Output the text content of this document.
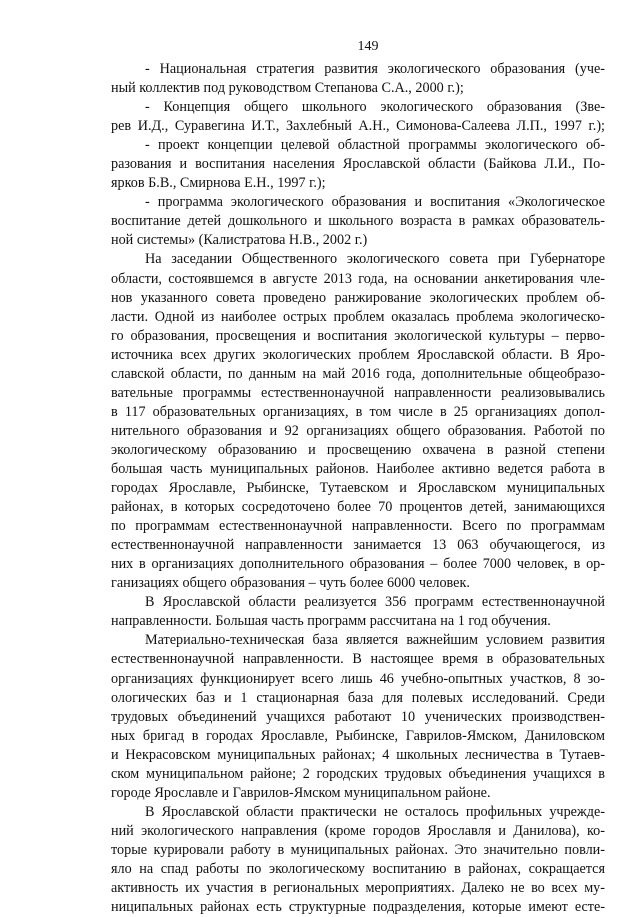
149
- Национальная стратегия развития экологического образования (уче-
ный коллектив под руководством Степанова С.А., 2000 г.);
- Концепция общего школьного экологического образования (Зве-
рев И.Д., Суравегина И.Т., Захлебный А.Н., Симонова-Салеева Л.П., 1997 г.);
- проект концепции целевой областной программы экологического об-
разования и воспитания населения Ярославской области (Байкова Л.И., По-
ярков Б.В., Смирнова Е.Н., 1997 г.);
- программа экологического образования и воспитания «Экологическое
воспитание детей дошкольного и школьного возраста в рамках образователь-
ной системы» (Калистратова Н.В., 2002 г.)
На заседании Общественного экологического совета при Губернаторе
области, состоявшемся в августе 2013 года, на основании анкетирования чле-
нов указанного совета проведено ранжирование экологических проблем об-
ласти. Одной из наиболее острых проблем оказалась проблема экологическо-
го образования, просвещения и воспитания экологической культуры – перво-
источника всех других экологических проблем Ярославской области. В Яро-
славской области, по данным на май 2016 года, дополнительные общеобразо-
вательные программы естественнонаучной направленности реализовывались
в 117 образовательных организациях, в том числе в 25 организациях допол-
нительного образования и 92 организациях общего образования. Работой по
экологическому образованию и просвещению охвачена в разной степени
большая часть муниципальных районов. Наиболее активно ведется работа в
городах Ярославле, Рыбинске, Тутаевском и Ярославском муниципальных
районах, в которых сосредоточено более 70 процентов детей, занимающихся
по программам естественнонаучной направленности. Всего по программам
естественнонаучной направленности занимается 13 063 обучающегося, из
них в организациях дополнительного образования – более 7000 человек, в ор-
ганизациях общего образования – чуть более 6000 человек.
В Ярославской области реализуется 356 программ естественнонаучной
направленности. Большая часть программ рассчитана на 1 год обучения.
Материально-техническая база является важнейшим условием развития
естественнонаучной направленности. В настоящее время в образовательных
организациях функционирует всего лишь 46 учебно-опытных участков, 8 зо-
ологических баз и 1 стационарная база для полевых исследований. Среди
трудовых объединений учащихся работают 10 ученических производствен-
ных бригад в городах Ярославле, Рыбинске, Гаврилов-Ямском, Даниловском
и Некрасовском муниципальных районах; 4 школьных лесничества в Тутаев-
ском муниципальном районе; 2 городских трудовых объединения учащихся в
городе Ярославле и Гаврилов-Ямском муниципальном районе.
В Ярославской области практически не осталось профильных учрежде-
ний экологического направления (кроме городов Ярославля и Данилова), ко-
торые курировали работу в муниципальных районах. Это значительно повли-
яло на спад работы по экологическому воспитанию в районах, сокращается
активность их участия в региональных мероприятиях. Далеко не во всех му-
ниципальных районах есть структурные подразделения, которые имеют есте-
